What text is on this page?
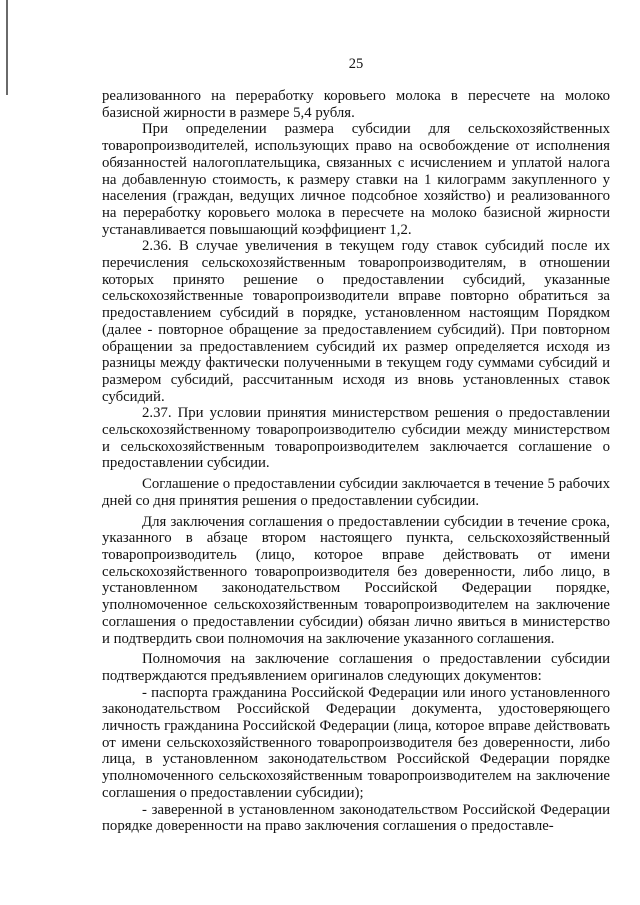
25

реализованного на переработку коровьего молока в пересчете на молоко базисной жирности в размере 5,4 рубля.

При определении размера субсидии для сельскохозяйственных товаропроизводителей, использующих право на освобождение от исполнения обязанностей налогоплательщика, связанных с исчислением и уплатой налога на добавленную стоимость, к размеру ставки на 1 килограмм закупленного у населения (граждан, ведущих личное подсобное хозяйство) и реализованного на переработку коровьего молока в пересчете на молоко базисной жирности устанавливается повышающий коэффициент 1,2.

2.36. В случае увеличения в текущем году ставок субсидий после их перечисления сельскохозяйственным товаропроизводителям, в отношении которых принято решение о предоставлении субсидий, указанные сельскохозяйственные товаропроизводители вправе повторно обратиться за предоставлением субсидий в порядке, установленном настоящим Порядком (далее - повторное обращение за предоставлением субсидий). При повторном обращении за предоставлением субсидий их размер определяется исходя из разницы между фактически полученными в текущем году суммами субсидий и размером субсидий, рассчитанным исходя из вновь установленных ставок субсидий.

2.37. При условии принятия министерством решения о предоставлении сельскохозяйственному товаропроизводителю субсидии между министерством и сельскохозяйственным товаропроизводителем заключается соглашение о предоставлении субсидии.

Соглашение о предоставлении субсидии заключается в течение 5 рабочих дней со дня принятия решения о предоставлении субсидии.

Для заключения соглашения о предоставлении субсидии в течение срока, указанного в абзаце втором настоящего пункта, сельскохозяйственный товаропроизводитель (лицо, которое вправе действовать от имени сельскохозяйственного товаропроизводителя без доверенности, либо лицо, в установленном законодательством Российской Федерации порядке, уполномоченное сельскохозяйственным товаропроизводителем на заключение соглашения о предоставлении субсидии) обязан лично явиться в министерство и подтвердить свои полномочия на заключение указанного соглашения.

Полномочия на заключение соглашения о предоставлении субсидии подтверждаются предъявлением оригиналов следующих документов:

- паспорта гражданина Российской Федерации или иного установленного законодательством Российской Федерации документа, удостоверяющего личность гражданина Российской Федерации (лица, которое вправе действовать от имени сельскохозяйственного товаропроизводителя без доверенности, либо лица, в установленном законодательством Российской Федерации порядке уполномоченного сельскохозяйственным товаропроизводителем на заключение соглашения о предоставлении субсидии);

- заверенной в установленном законодательством Российской Федерации порядке доверенности на право заключения соглашения о предоставле-
